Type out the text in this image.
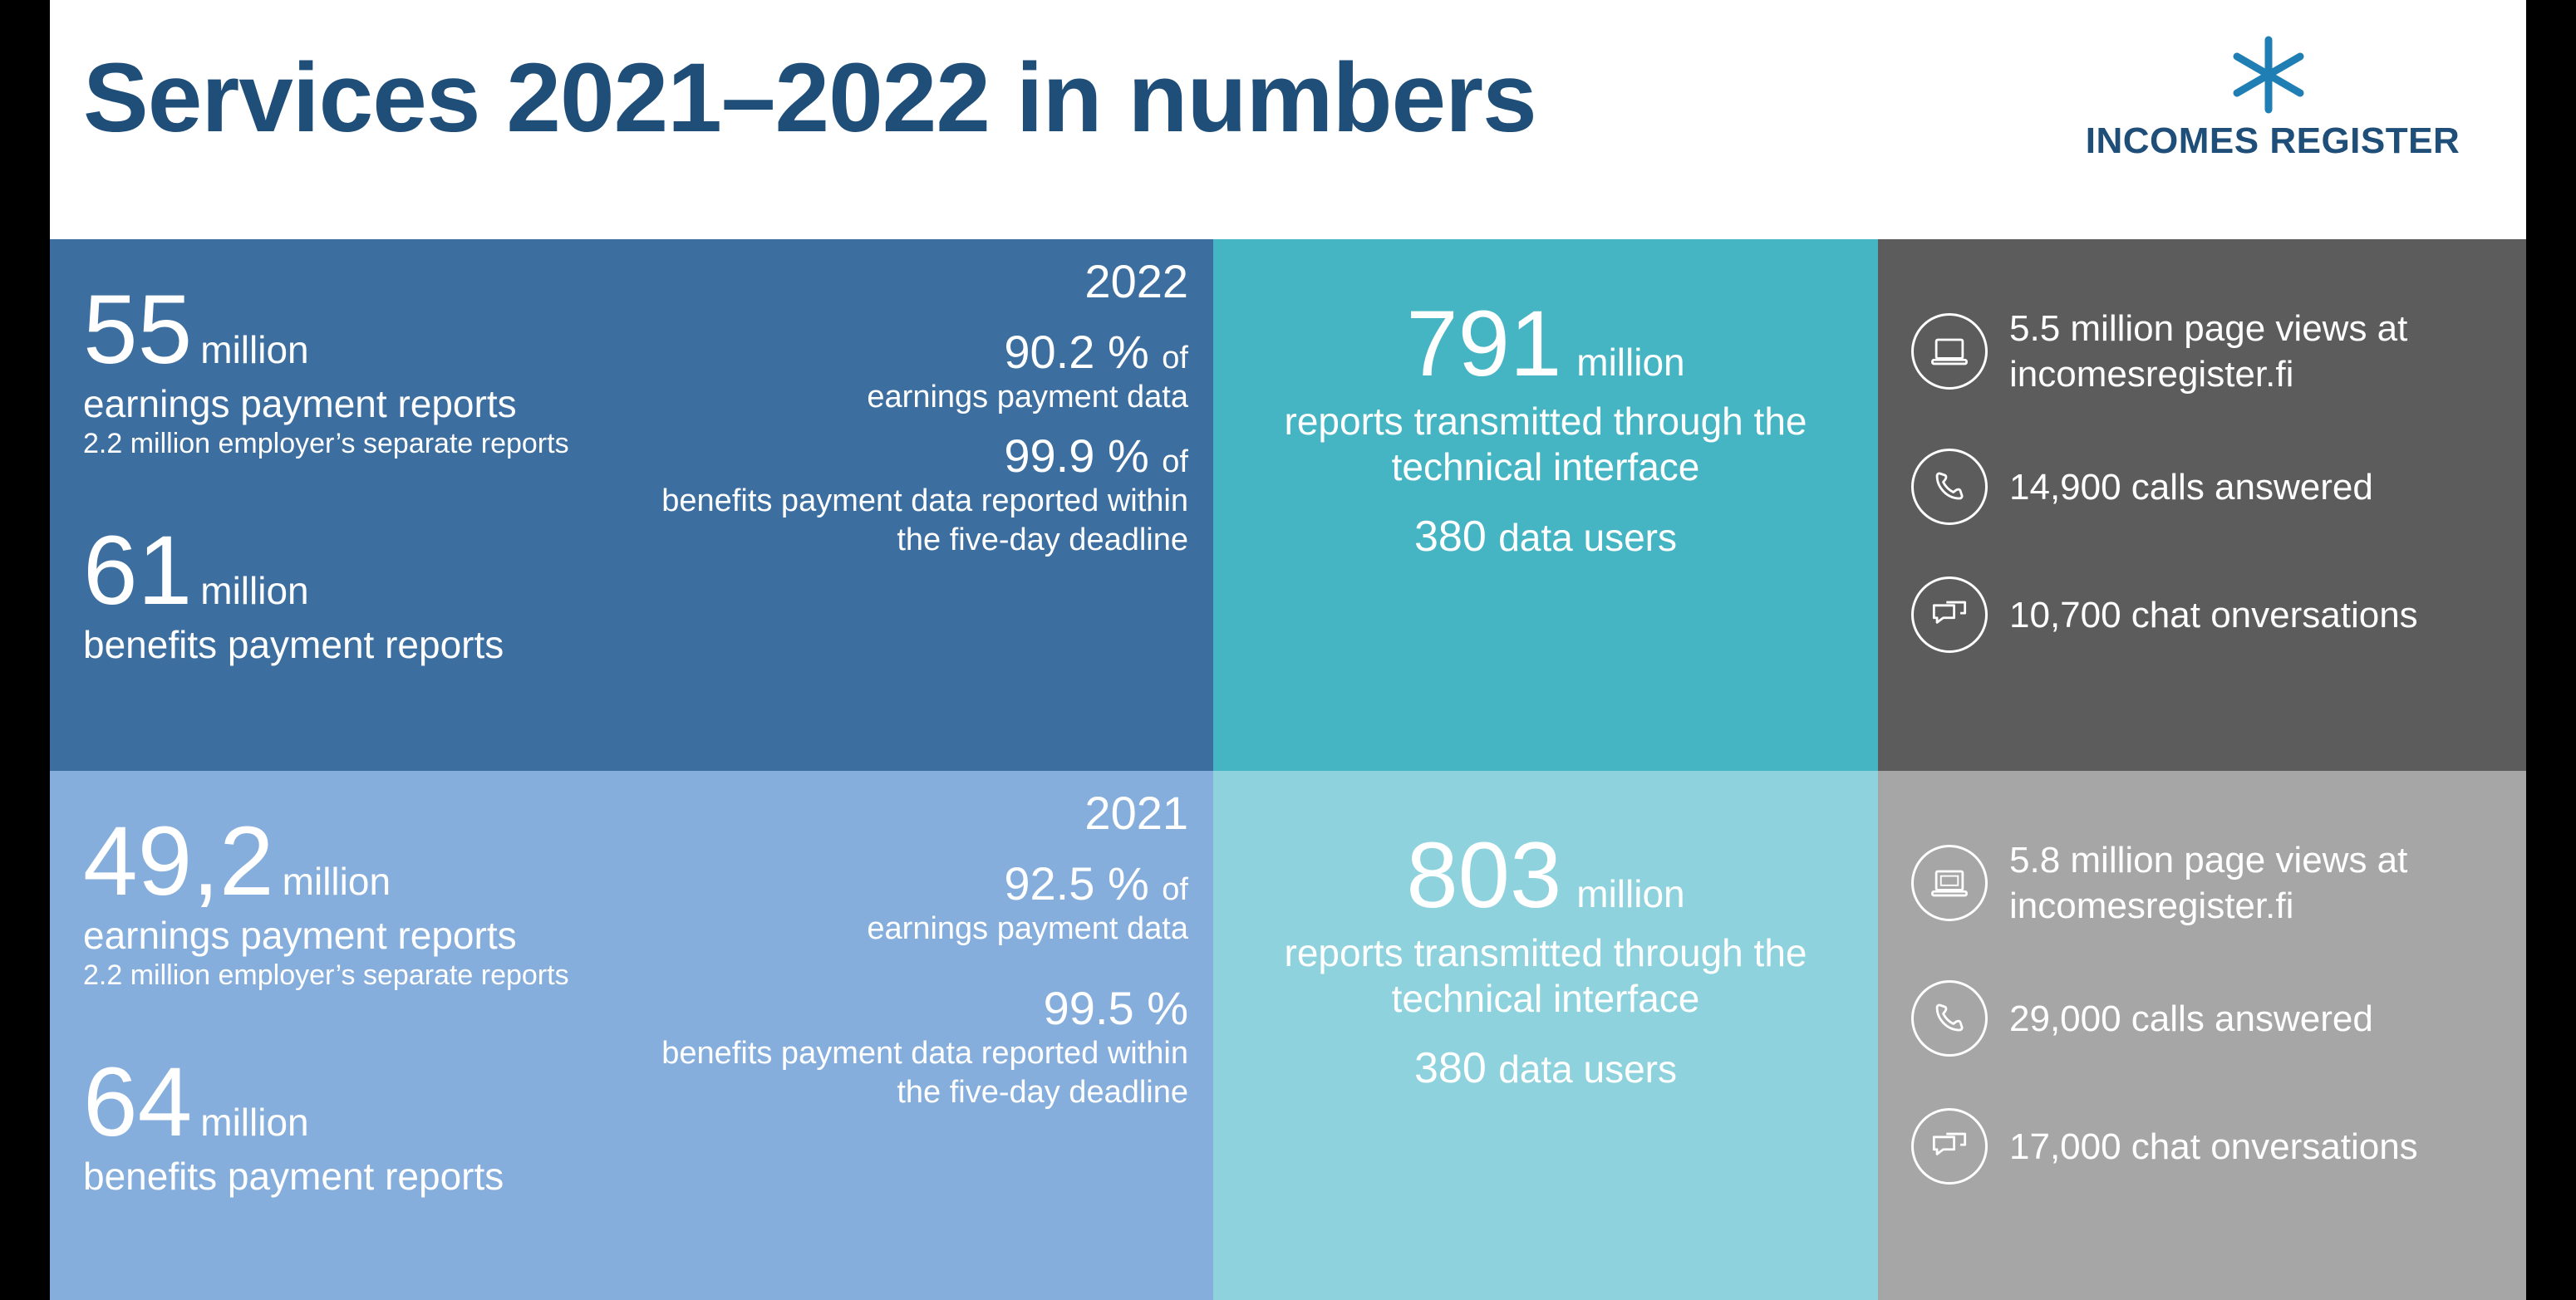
Services 2021–2022 in numbers	INCOMES REGISTER
2022
55 million
earnings payment reports
2.2 million employer’s separate reports
61 million
benefits payment reports
90.2 % of
earnings payment data
99.9 % of
benefits payment data reported within the five-day deadline
791 million
reports transmitted through the technical interface
380 data users
5.5 million page views at incomesregister.fi
14,900 calls answered
10,700 chat onversations
2021
49,2 million
earnings payment reports
2.2 million employer’s separate reports
64 million
benefits payment reports
92.5 % of
earnings payment data
99.5 %
benefits payment data reported within the five-day deadline
803 million
reports transmitted through the technical interface
380 data users
5.8 million page views at incomesregister.fi
29,000 calls answered
17,000 chat onversations
